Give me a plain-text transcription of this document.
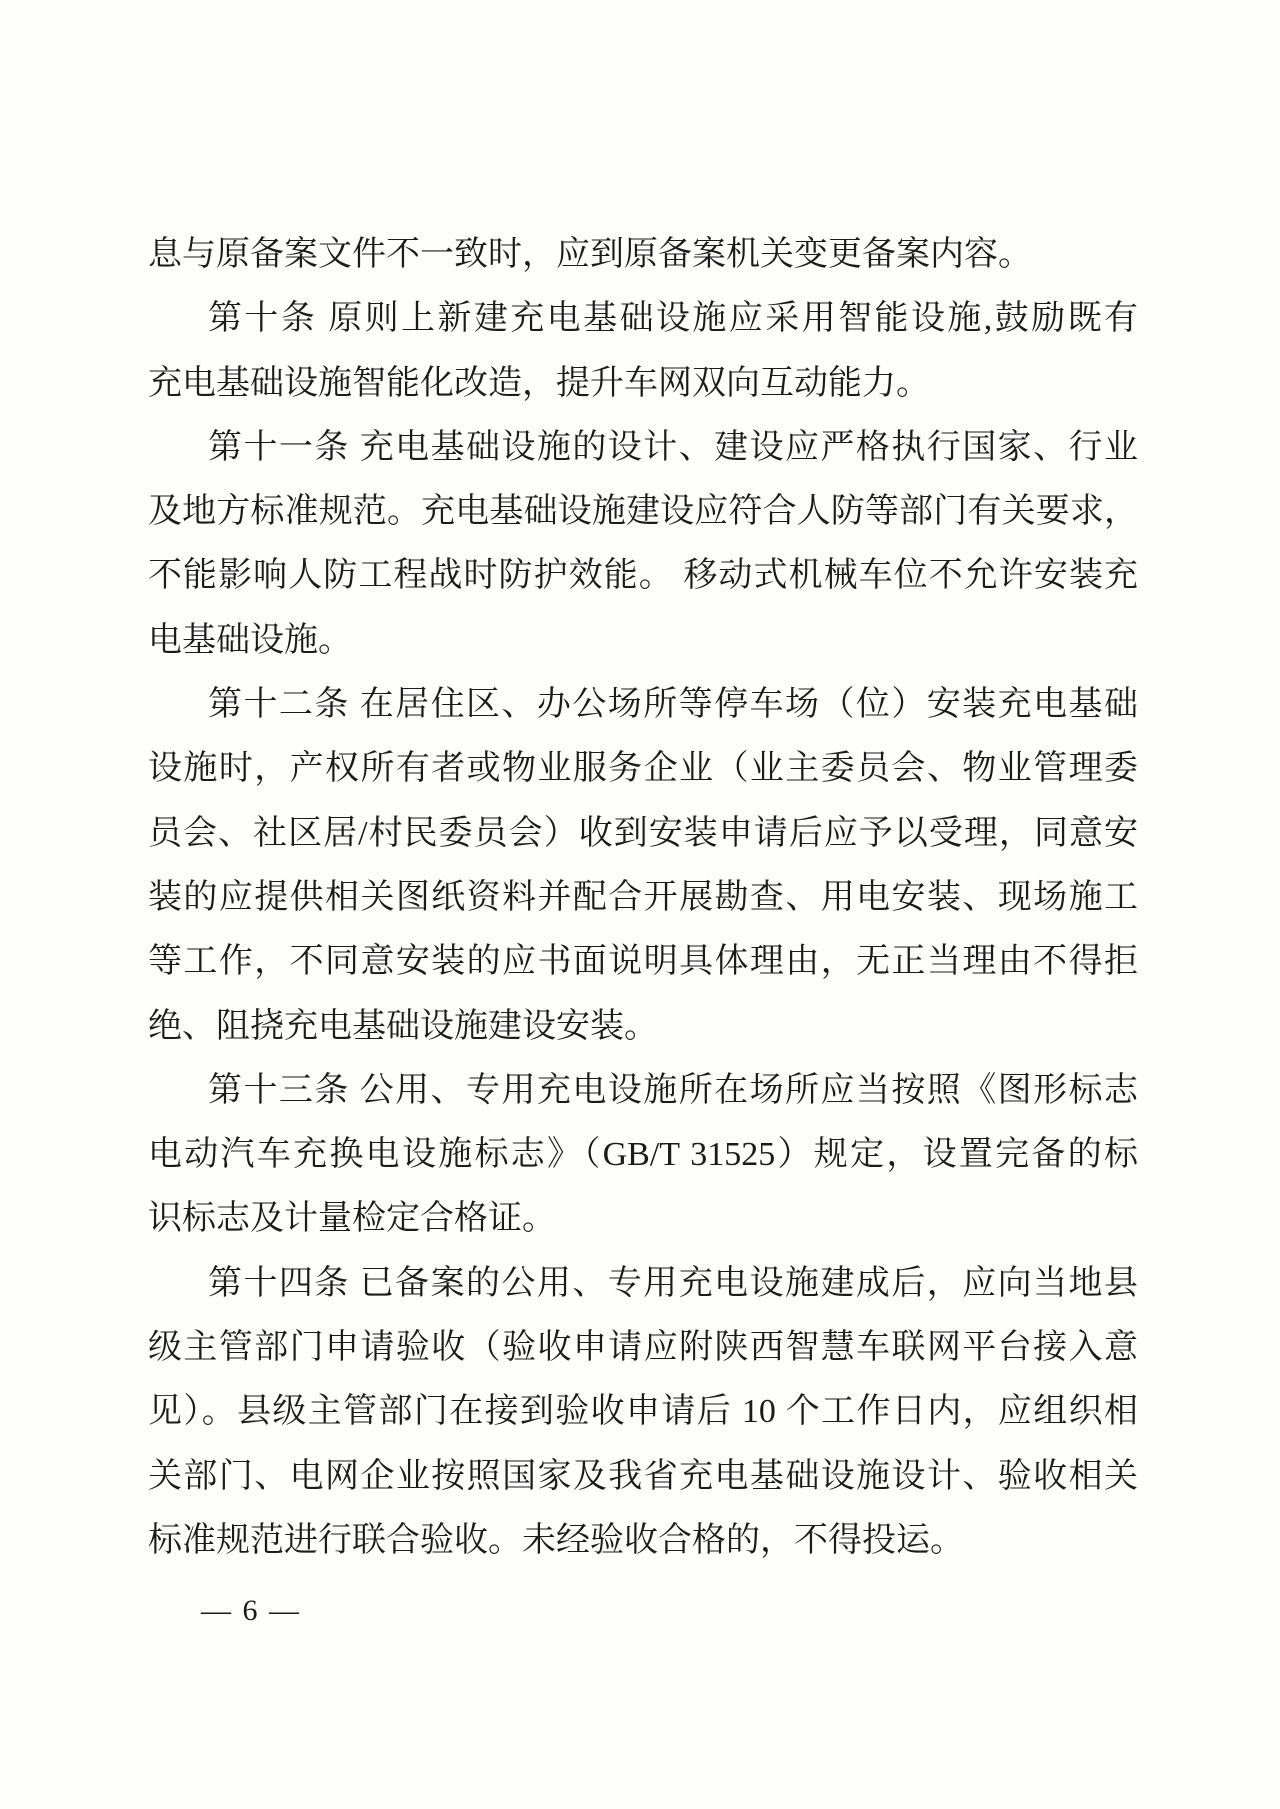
息与原备案文件不一致时，应到原备案机关变更备案内容。
第十条 原则上新建充电基础设施应采用智能设施,鼓励既有
充电基础设施智能化改造，提升车网双向互动能力。
第十一条 充电基础设施的设计、建设应严格执行国家、行业
及地方标准规范。充电基础设施建设应符合人防等部门有关要求，
不能影响人防工程战时防护效能。 移动式机械车位不允许安装充
电基础设施。
第十二条 在居住区、办公场所等停车场（位）安装充电基础
设施时，产权所有者或物业服务企业（业主委员会、物业管理委
员会、社区居/村民委员会）收到安装申请后应予以受理，同意安
装的应提供相关图纸资料并配合开展勘查、用电安装、现场施工
等工作，不同意安装的应书面说明具体理由，无正当理由不得拒
绝、阻挠充电基础设施建设安装。
第十三条 公用、专用充电设施所在场所应当按照《图形标志
电动汽车充换电设施标志》（GB/T 31525）规定，设置完备的标
识标志及计量检定合格证。
第十四条 已备案的公用、专用充电设施建成后，应向当地县
级主管部门申请验收（验收申请应附陕西智慧车联网平台接入意
见）。县级主管部门在接到验收申请后 10 个工作日内，应组织相
关部门、电网企业按照国家及我省充电基础设施设计、验收相关
标准规范进行联合验收。未经验收合格的，不得投运。
— 6 —
